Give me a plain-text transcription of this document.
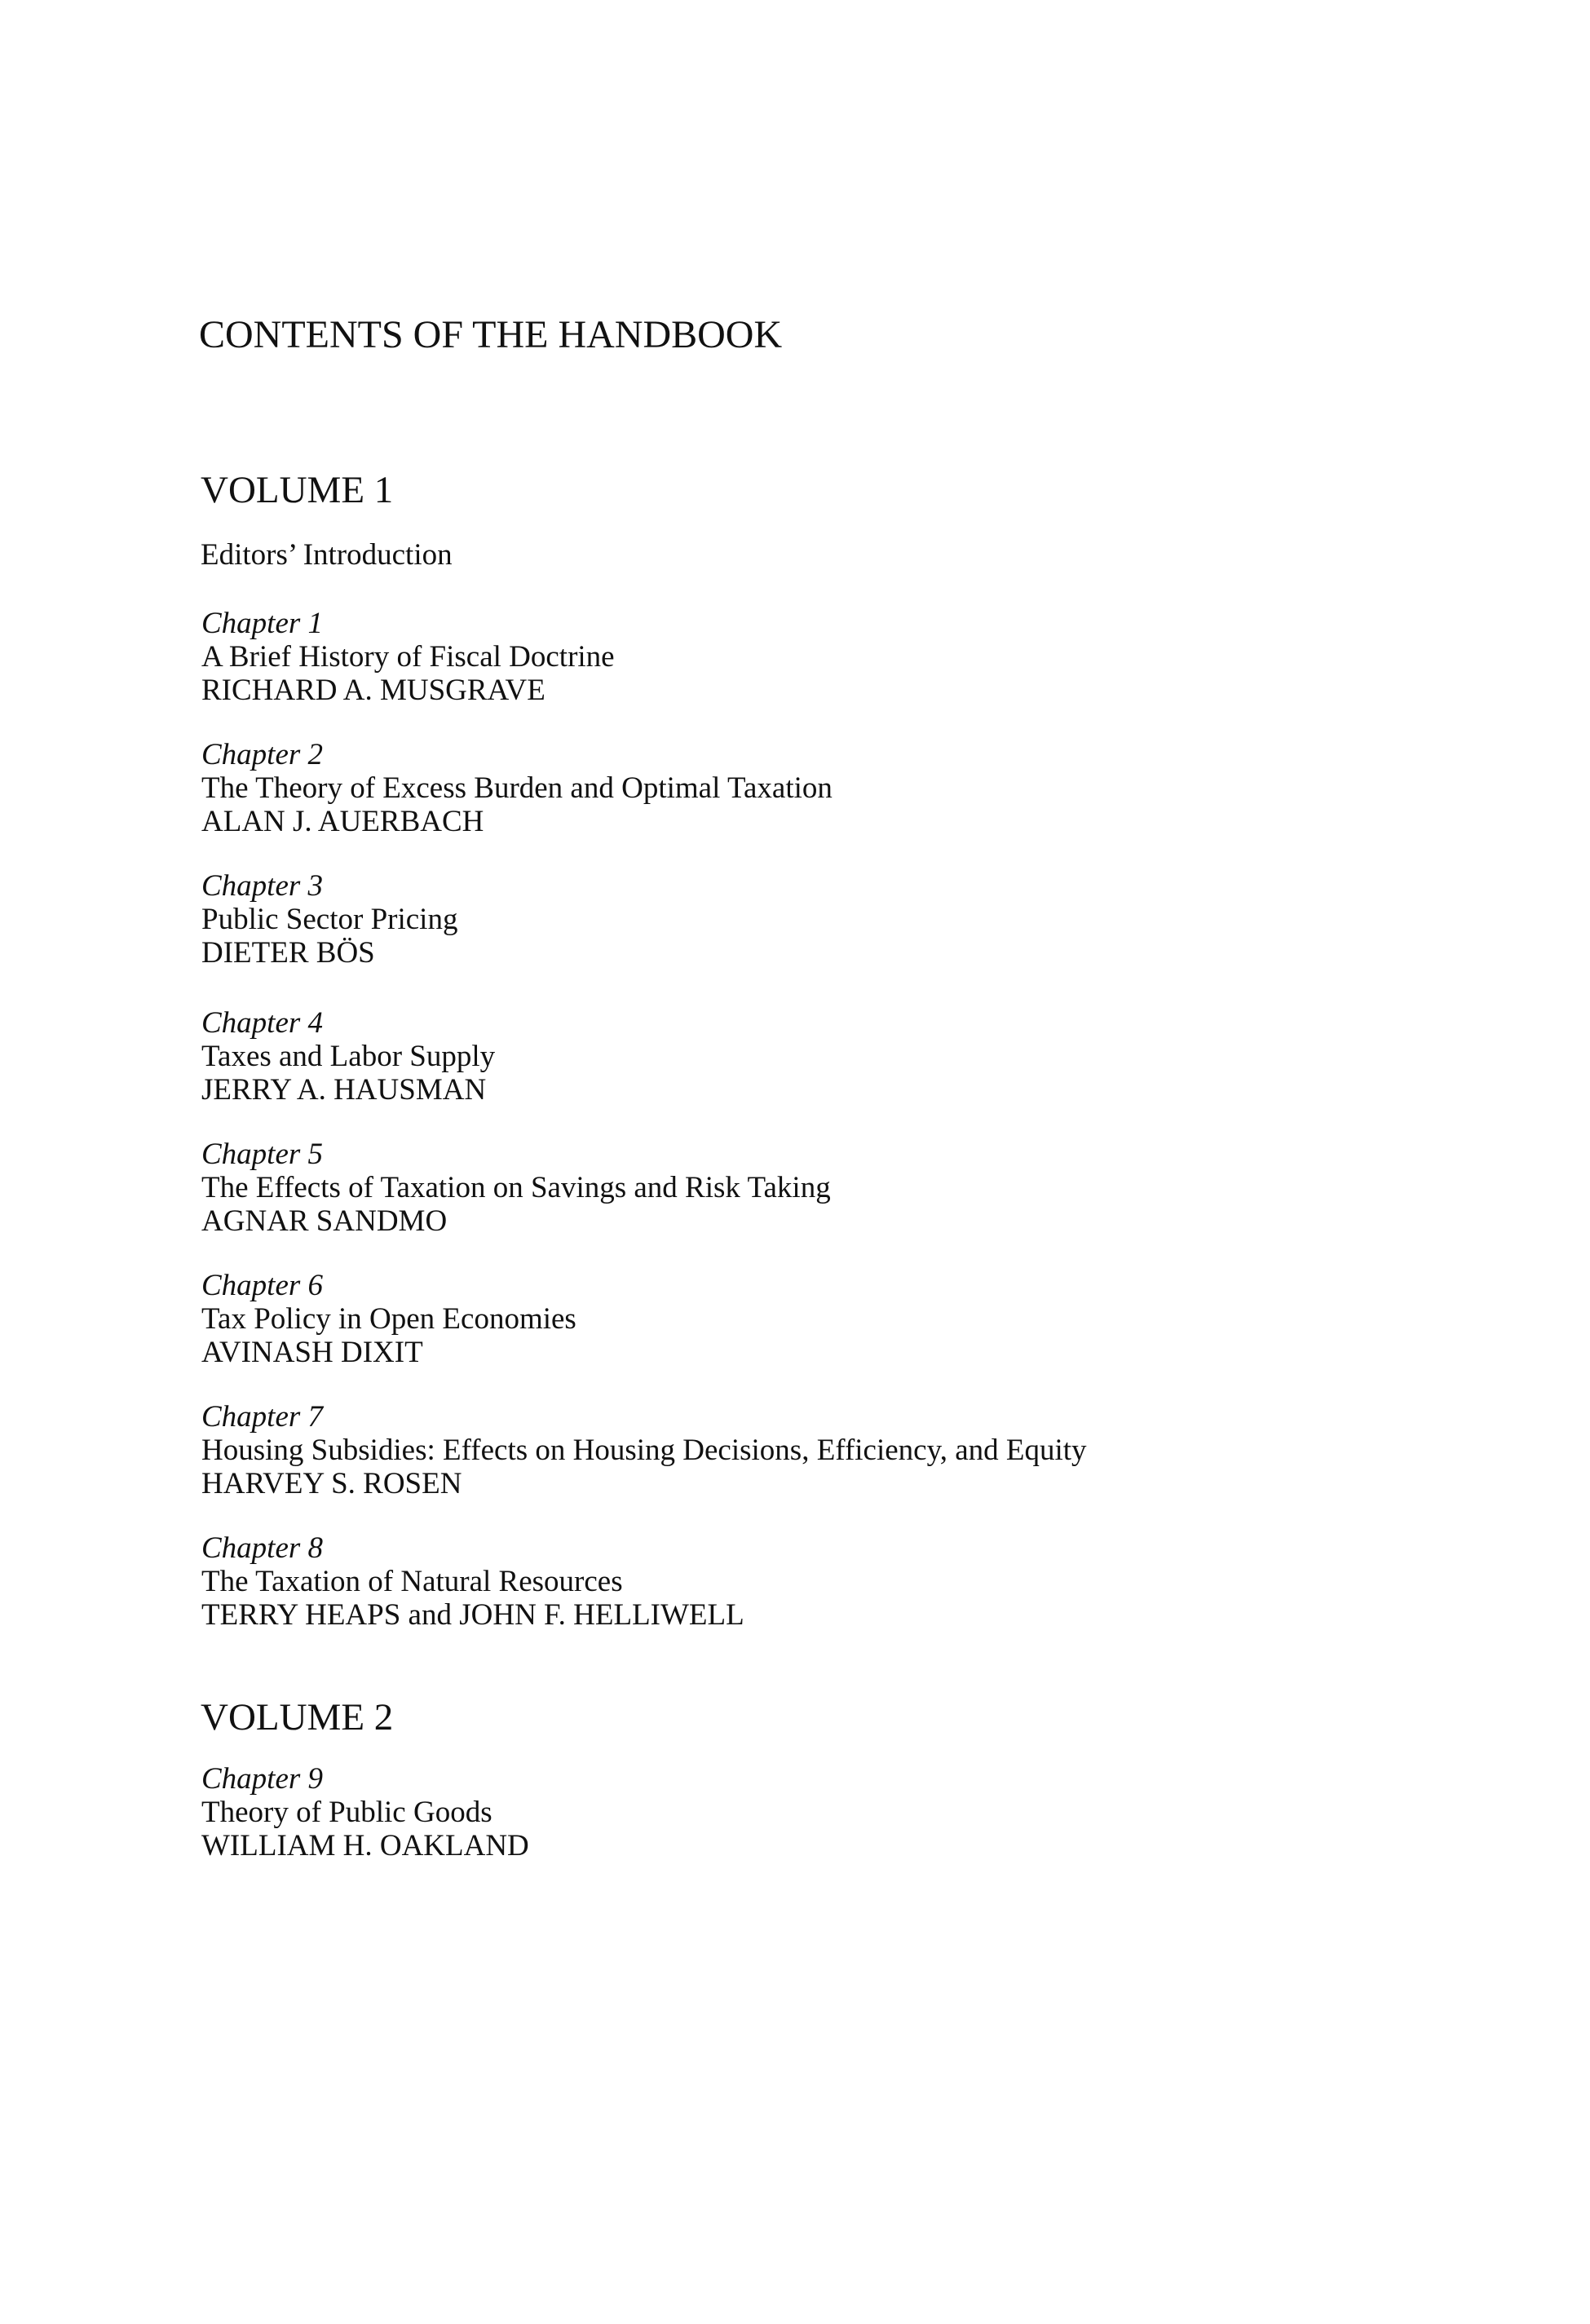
CONTENTS OF THE HANDBOOK
VOLUME 1
Editors’ Introduction
Chapter 1
A Brief History of Fiscal Doctrine
RICHARD A. MUSGRAVE
Chapter 2
The Theory of Excess Burden and Optimal Taxation
ALAN J. AUERBACH
Chapter 3
Public Sector Pricing
DIETER BÖS
Chapter 4
Taxes and Labor Supply
JERRY A. HAUSMAN
Chapter 5
The Effects of Taxation on Savings and Risk Taking
AGNAR SANDMO
Chapter 6
Tax Policy in Open Economies
AVINASH DIXIT
Chapter 7
Housing Subsidies: Effects on Housing Decisions, Efficiency, and Equity
HARVEY S. ROSEN
Chapter 8
The Taxation of Natural Resources
TERRY HEAPS and JOHN F. HELLIWELL
VOLUME 2
Chapter 9
Theory of Public Goods
WILLIAM H. OAKLAND
